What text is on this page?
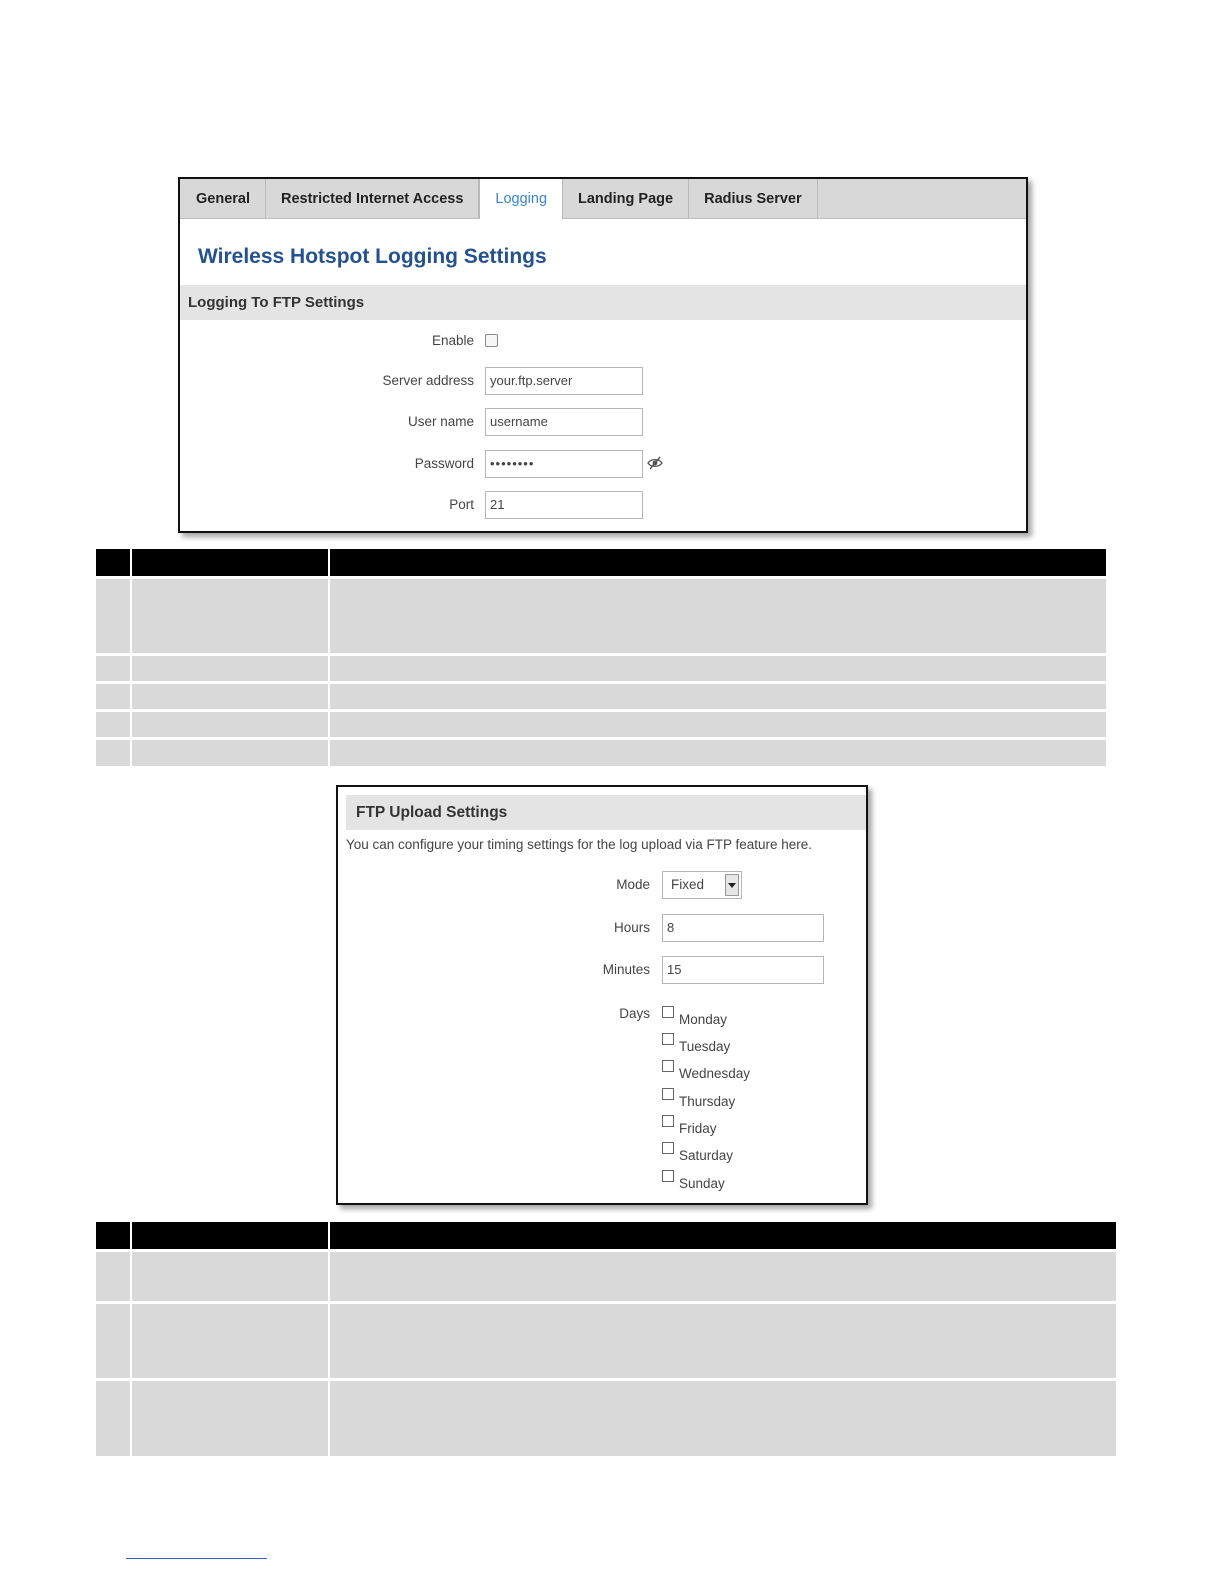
General	Restricted Internet Access	Logging	Landing Page	Radius Server
Wireless Hotspot Logging Settings
Logging To FTP Settings
Enable
Server address	your.ftp.server
User name	username
Password	••••••••
Port	21
FTP Upload Settings
You can configure your timing settings for the log upload via FTP feature here.
Mode	Fixed
Hours	8
Minutes	15
Days Monday
Tuesday
Wednesday
Thursday
Friday
Saturday
Sunday
